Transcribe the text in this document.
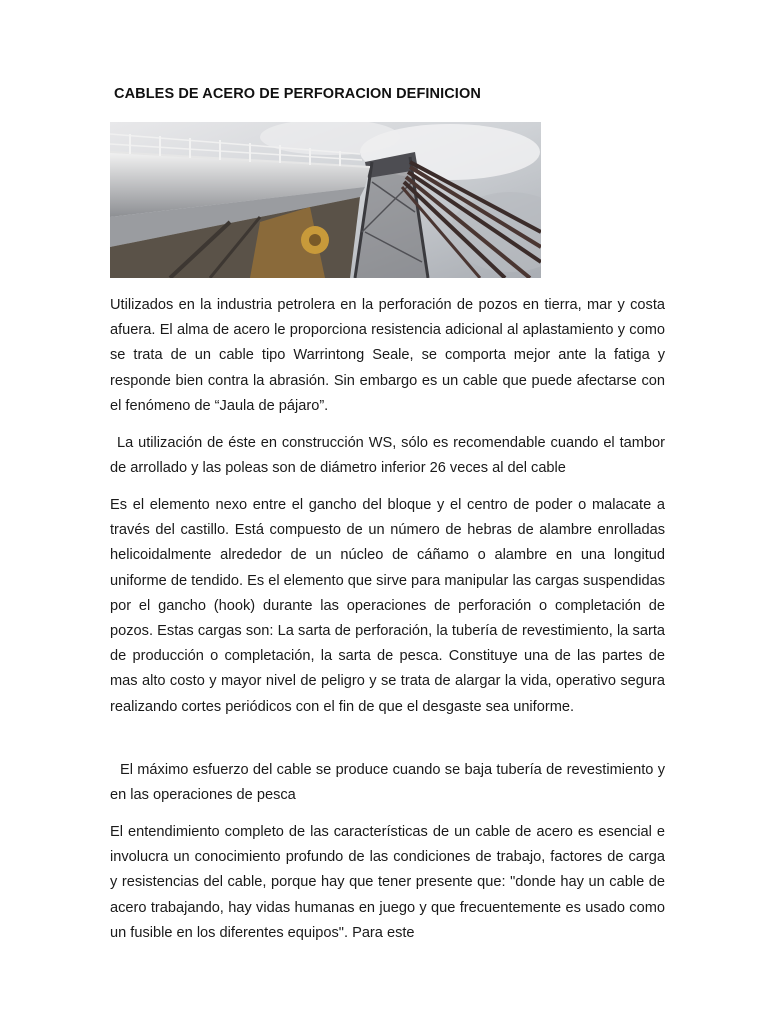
CABLES DE ACERO DE PERFORACION DEFINICION

Utilizados en la industria petrolera en la perforación de pozos en tierra, mar y costa afuera. El alma de acero le proporciona resistencia adicional al aplastamiento y como se trata de un cable tipo Warrintong Seale, se comporta mejor ante la fatiga y responde bien contra la abrasión. Sin embargo es un cable que puede afectarse con el fenómeno de “Jaula de pájaro”.

La utilización de éste en construcción WS, sólo es recomendable cuando el tambor de arrollado y las poleas son de diámetro inferior 26 veces al del cable

Es el elemento nexo entre el gancho del bloque y el centro de poder o malacate a través del castillo. Está compuesto de un número de hebras de alambre enrolladas helicoidalmente alrededor de un núcleo de cáñamo o alambre en una longitud uniforme de tendido. Es el elemento que sirve para manipular las cargas suspendidas por el gancho (hook) durante las operaciones de perforación o completación de pozos. Estas cargas son: La sarta de perforación, la tubería de revestimiento, la sarta de producción o completación, la sarta de pesca. Constituye una de las partes de mas alto costo y mayor nivel de peligro y se trata de alargar la vida, operativo segura realizando cortes periódicos con el fin de que el desgaste sea uniforme.

El máximo esfuerzo del cable se produce cuando se baja tubería de revestimiento y en las operaciones de pesca

El entendimiento completo de las características de un cable de acero es esencial e involucra un conocimiento profundo de las condiciones de trabajo, factores de carga y resistencias del cable, porque hay que tener presente que: "donde hay un cable de acero trabajando, hay vidas humanas en juego y que frecuentemente es usado como un fusible en los diferentes equipos". Para este
